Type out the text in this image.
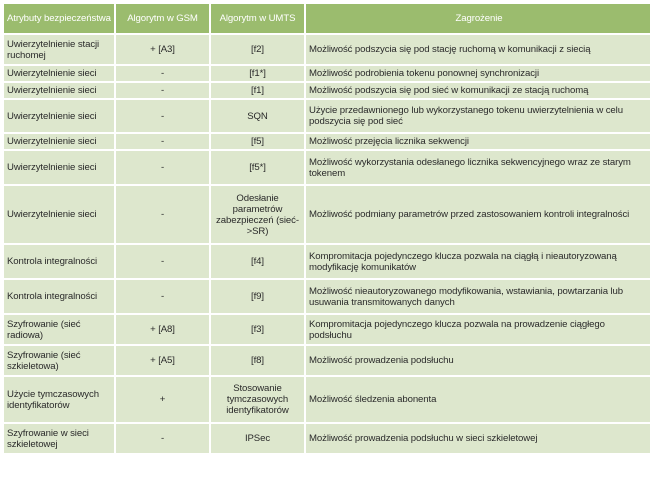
Atrybuty bezpieczeństwa	Algorytm w GSM	Algorytm w UMTS	Zagrożenie
Uwierzytelnienie stacji ruchomej	+ [A3]	[f2]	Możliwość podszycia się pod stację ruchomą w komunikacji z siecią
Uwierzytelnienie sieci	-	[f1*]	Możliwość podrobienia tokenu ponownej synchronizacji
Uwierzytelnienie sieci	-	[f1]	Możliwość podszycia się pod sieć w komunikacji ze stacją ruchomą
Uwierzytelnienie sieci	-	SQN	Użycie przedawnionego lub wykorzystanego tokenu uwierzytelnienia w celu podszycia się pod sieć
Uwierzytelnienie sieci	-	[f5]	Możliwość przejęcia licznika sekwencji
Uwierzytelnienie sieci	-	[f5*]	Możliwość wykorzystania odesłanego licznika sekwencyjnego wraz ze starym tokenem
Uwierzytelnienie sieci	-	Odesłanie parametrów zabezpieczeń (sieć->SR)	Możliwość podmiany parametrów przed zastosowaniem kontroli integralności
Kontrola integralności	-	[f4]	Kompromitacja pojedynczego klucza pozwala na ciągłą i nieautoryzowaną modyfikację komunikatów
Kontrola integralności	-	[f9]	Możliwość nieautoryzowanego modyfikowania, wstawiania, powtarzania lub usuwania transmitowanych danych
Szyfrowanie (sieć radiowa)	+ [A8]	[f3]	Kompromitacja pojedynczego klucza pozwala na prowadzenie ciągłego podsłuchu
Szyfrowanie (sieć szkieletowa)	+ [A5]	[f8]	Możliwość prowadzenia podsłuchu
Użycie tymczasowych identyfikatorów	+	Stosowanie tymczasowych identyfikatorów	Możliwość śledzenia abonenta
Szyfrowanie w sieci szkieletowej	-	IPSec	Możliwość prowadzenia podsłuchu w sieci szkieletowej
